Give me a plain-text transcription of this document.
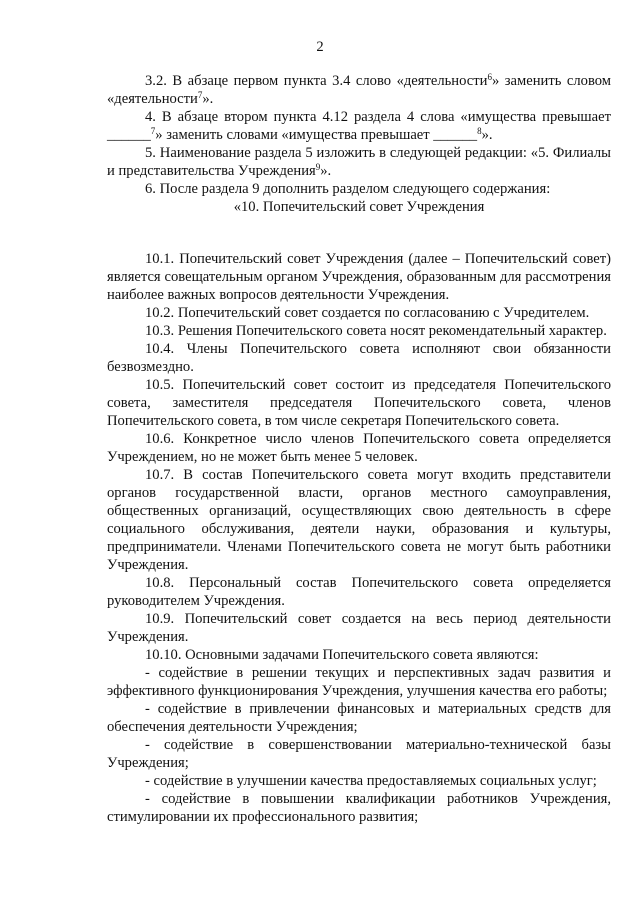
2

3.2. В абзаце первом пункта 3.4 слово «деятельности$^6$» заменить словом «деятельности$^7$».

4. В абзаце втором пункта 4.12 раздела 4 слова «имущества превышает ______$^7$» заменить словами «имущества превышает ______$^8$».

5. Наименование раздела 5 изложить в следующей редакции: «5. Филиалы и представительства Учреждения$^9$».

6. После раздела 9 дополнить разделом следующего содержания:

«10. Попечительский совет Учреждения

10.1. Попечительский совет Учреждения (далее – Попечительский совет) является совещательным органом Учреждения, образованным для рассмотрения наиболее важных вопросов деятельности Учреждения.

10.2. Попечительский совет создается по согласованию с Учредителем.

10.3. Решения Попечительского совета носят рекомендательный характер.

10.4. Члены Попечительского совета исполняют свои обязанности безвозмездно.

10.5. Попечительский совет состоит из председателя Попечительского совета, заместителя председателя Попечительского совета, членов Попечительского совета, в том числе секретаря Попечительского совета.

10.6. Конкретное число членов Попечительского совета определяется Учреждением, но не может быть менее 5 человек.

10.7. В состав Попечительского совета могут входить представители органов государственной власти, органов местного самоуправления, общественных организаций, осуществляющих свою деятельность в сфере социального обслуживания, деятели науки, образования и культуры, предприниматели. Членами Попечительского совета не могут быть работники Учреждения.

10.8. Персональный состав Попечительского совета определяется руководителем Учреждения.

10.9. Попечительский совет создается на весь период деятельности Учреждения.

10.10. Основными задачами Попечительского совета являются:

- содействие в решении текущих и перспективных задач развития и эффективного функционирования Учреждения, улучшения качества его работы;

- содействие в привлечении финансовых и материальных средств для обеспечения деятельности Учреждения;

- содействие в совершенствовании материально-технической базы Учреждения;

- содействие в улучшении качества предоставляемых социальных услуг;

- содействие в повышении квалификации работников Учреждения, стимулировании их профессионального развития;
